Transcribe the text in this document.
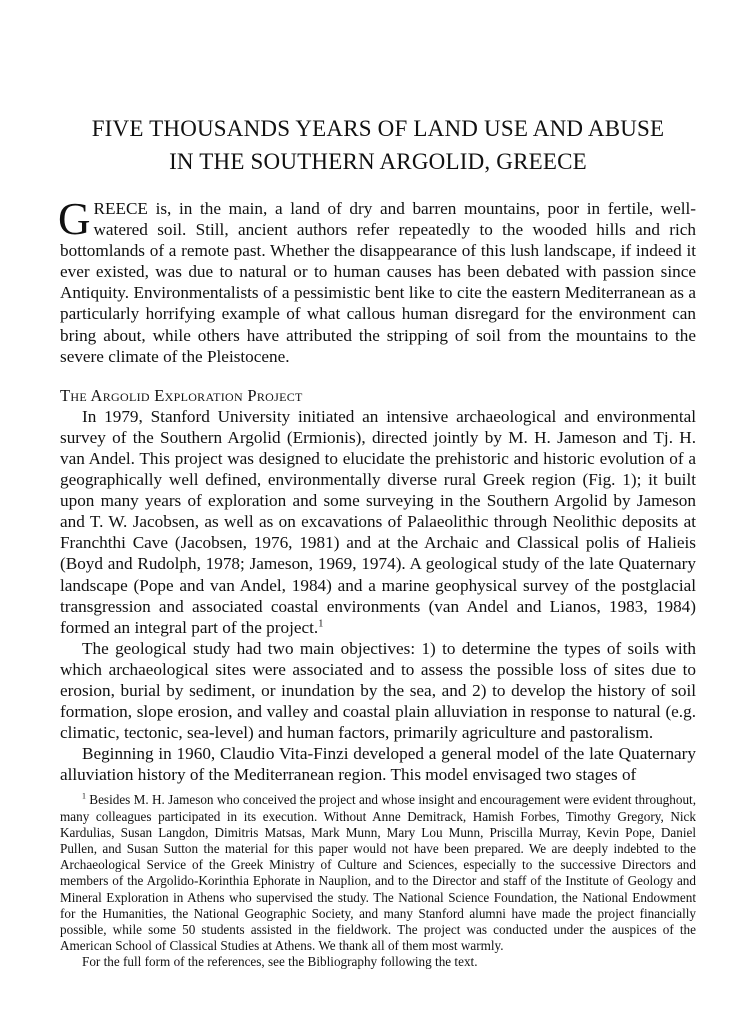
FIVE THOUSANDS YEARS OF LAND USE AND ABUSE
IN THE SOUTHERN ARGOLID, GREECE

GREECE is, in the main, a land of dry and barren mountains, poor in fertile, well-watered soil. Still, ancient authors refer repeatedly to the wooded hills and rich bottomlands of a remote past. Whether the disappearance of this lush landscape, if indeed it ever existed, was due to natural or to human causes has been debated with passion since Antiquity. Environmentalists of a pessimistic bent like to cite the eastern Mediterranean as a particularly horrifying example of what callous human disregard for the environment can bring about, while others have attributed the stripping of soil from the mountains to the severe climate of the Pleistocene.

The Argolid Exploration Project

In 1979, Stanford University initiated an intensive archaeological and environmental survey of the Southern Argolid (Ermionis), directed jointly by M. H. Jameson and Tj. H. van Andel. This project was designed to elucidate the prehistoric and historic evolution of a geographically well defined, environmentally diverse rural Greek region (Fig. 1); it built upon many years of exploration and some surveying in the Southern Argolid by Jameson and T. W. Jacobsen, as well as on excavations of Palaeolithic through Neolithic deposits at Franchthi Cave (Jacobsen, 1976, 1981) and at the Archaic and Classical polis of Halieis (Boyd and Rudolph, 1978; Jameson, 1969, 1974). A geological study of the late Quaternary landscape (Pope and van Andel, 1984) and a marine geophysical survey of the postglacial transgression and associated coastal environments (van Andel and Lianos, 1983, 1984) formed an integral part of the project.$^1$

The geological study had two main objectives: 1) to determine the types of soils with which archaeological sites were associated and to assess the possible loss of sites due to erosion, burial by sediment, or inundation by the sea, and 2) to develop the history of soil formation, slope erosion, and valley and coastal plain alluviation in response to natural (e.g. climatic, tectonic, sea-level) and human factors, primarily agriculture and pastoralism.

Beginning in 1960, Claudio Vita-Finzi developed a general model of the late Quaternary alluviation history of the Mediterranean region. This model envisaged two stages of

$^1$ Besides M. H. Jameson who conceived the project and whose insight and encouragement were evident throughout, many colleagues participated in its execution. Without Anne Demitrack, Hamish Forbes, Timothy Gregory, Nick Kardulias, Susan Langdon, Dimitris Matsas, Mark Munn, Mary Lou Munn, Priscilla Murray, Kevin Pope, Daniel Pullen, and Susan Sutton the material for this paper would not have been prepared. We are deeply indebted to the Archaeological Service of the Greek Ministry of Culture and Sciences, especially to the successive Directors and members of the Argolido-Korinthia Ephorate in Nauplion, and to the Director and staff of the Institute of Geology and Mineral Exploration in Athens who supervised the study. The National Science Foundation, the National Endowment for the Humanities, the National Geographic Society, and many Stanford alumni have made the project financially possible, while some 50 students assisted in the fieldwork. The project was conducted under the auspices of the American School of Classical Studies at Athens. We thank all of them most warmly.

For the full form of the references, see the Bibliography following the text.
